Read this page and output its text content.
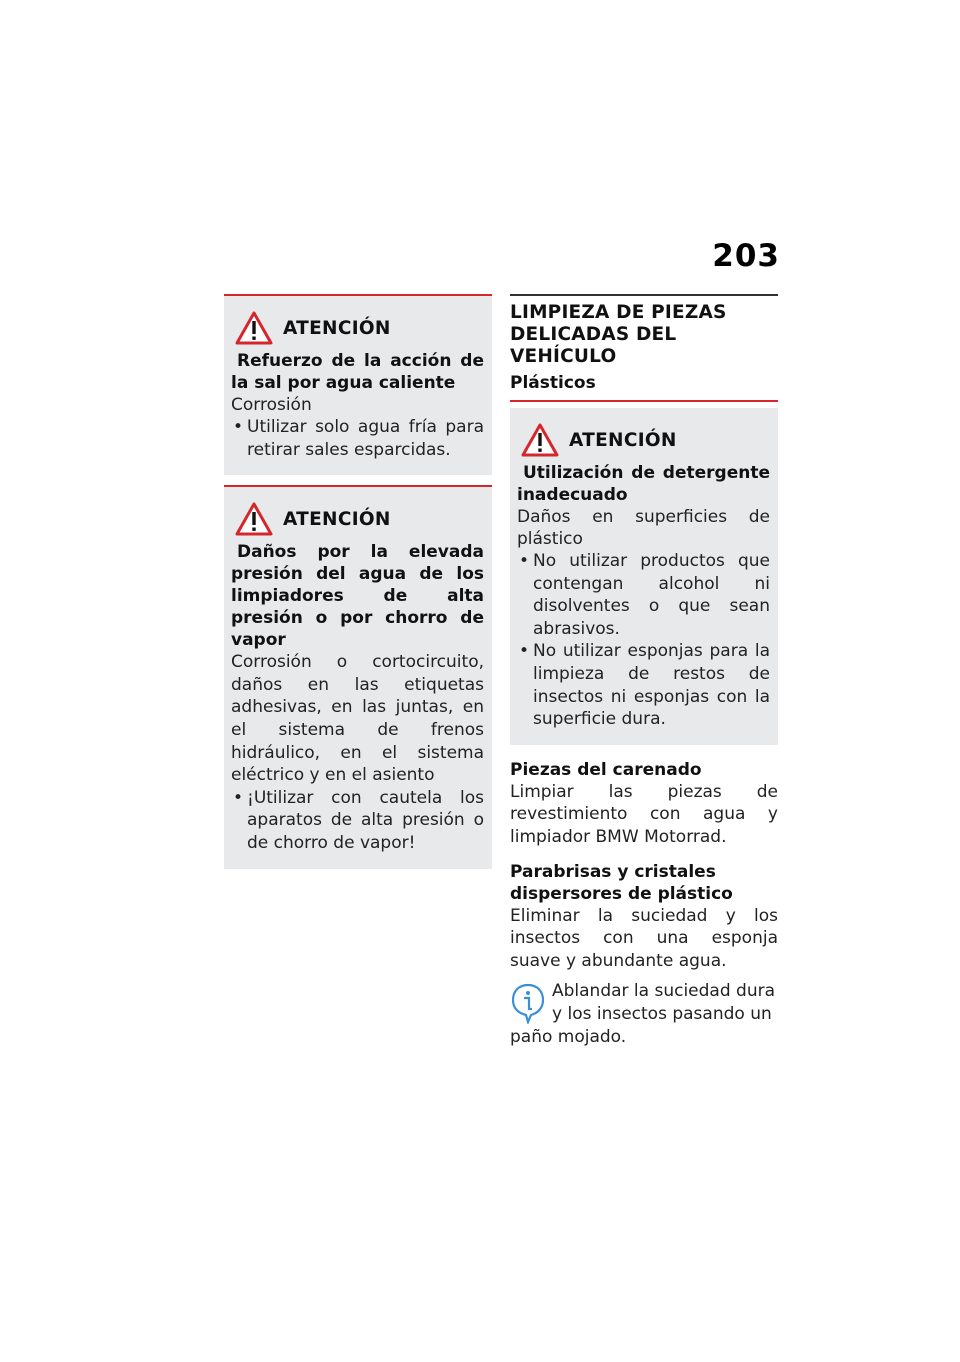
203
ATENCIÓN
Refuerzo de la acción de la sal por agua caliente
Corrosión
• Utilizar solo agua fría para retirar sales esparcidas.
ATENCIÓN
Daños por la elevada presión del agua de los limpiadores de alta presión o por chorro de vapor
Corrosión o cortocircuito, daños en las etiquetas adhesivas, en las juntas, en el sistema de frenos hidráulico, en el sistema eléctrico y en el asiento
• ¡Utilizar con cautela los aparatos de alta presión o de chorro de vapor!
LIMPIEZA DE PIEZAS DELICADAS DEL VEHÍCULO
Plásticos
ATENCIÓN
Utilización de detergente inadecuado
Daños en superficies de plástico
• No utilizar productos que contengan alcohol ni disolventes o que sean abrasivos.
• No utilizar esponjas para la limpieza de restos de insectos ni esponjas con la superficie dura.
Piezas del carenado
Limpiar las piezas de revestimiento con agua y limpiador BMW Motorrad.
Parabrisas y cristales dispersores de plástico
Eliminar la suciedad y los insectos con una esponja suave y abundante agua.
Ablandar la suciedad dura y los insectos pasando un paño mojado.
